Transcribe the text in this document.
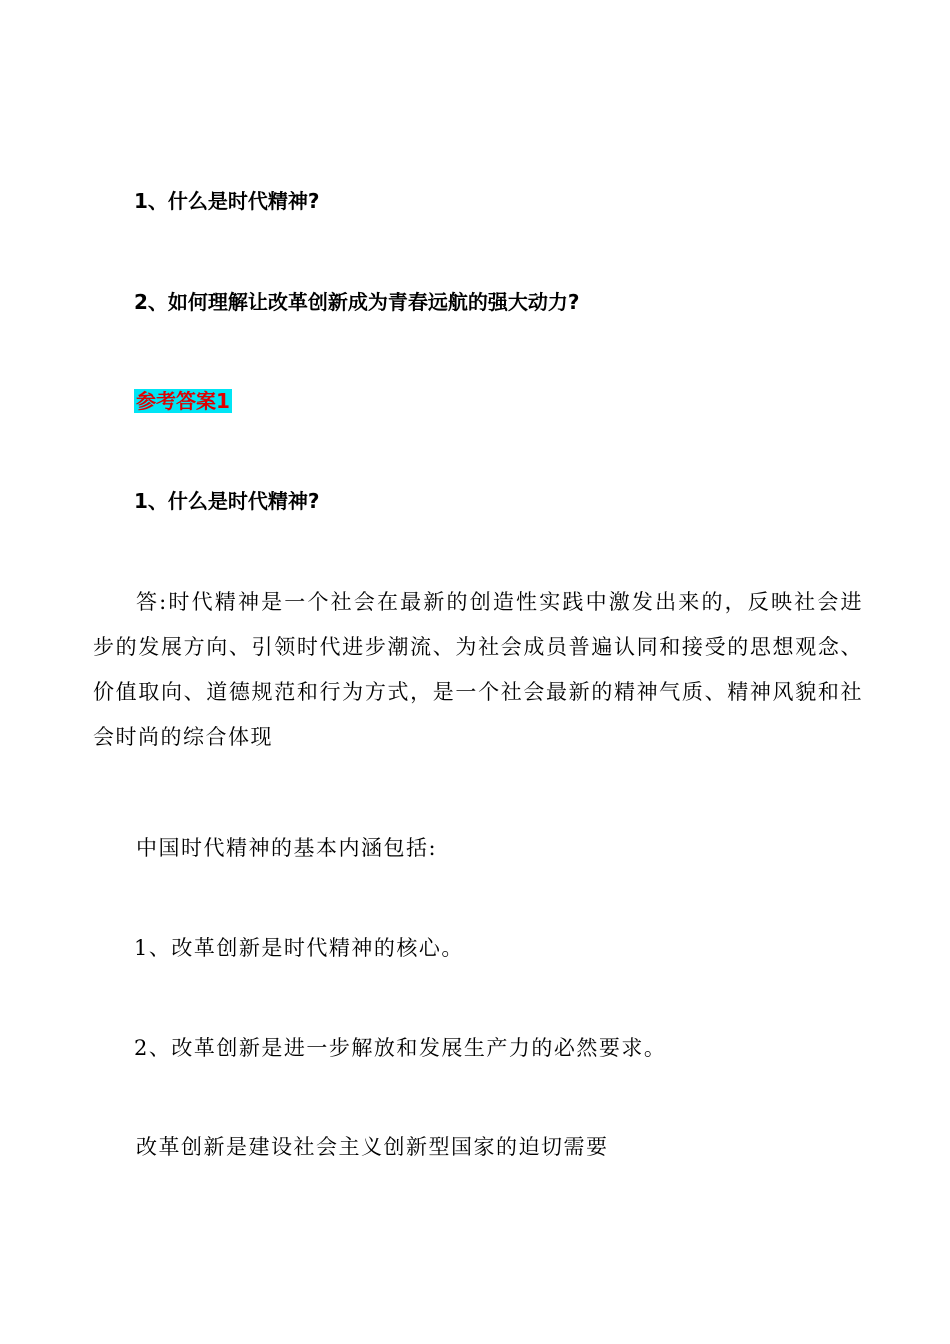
1、什么是时代精神?
2、如何理解让改革创新成为青春远航的强大动力?
参考答案1
1、什么是时代精神?
答:时代精神是一个社会在最新的创造性实践中激发出来的，反映社会进步的发展方向、引领时代进步潮流、为社会成员普遍认同和接受的思想观念、价值取向、道德规范和行为方式，是一个社会最新的精神气质、精神风貌和社会时尚的综合体现
中国时代精神的基本内涵包括:
1、改革创新是时代精神的核心。
2、改革创新是进一步解放和发展生产力的必然要求。
改革创新是建设社会主义创新型国家的迫切需要
